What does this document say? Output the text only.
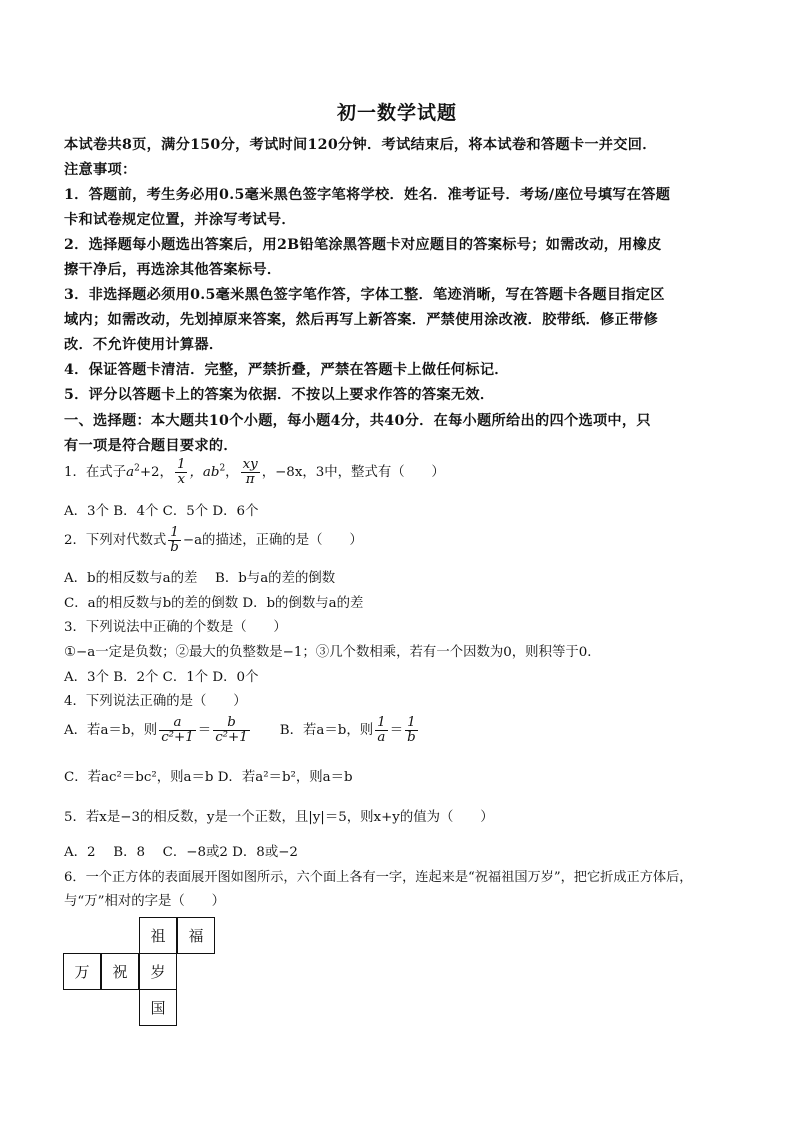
初一数学试题
本试卷共8页，满分150分，考试时间120分钟．考试结束后，将本试卷和答题卡一并交回．
注意事项：
1．答题前，考生务必用0.5毫米黑色签字笔将学校．姓名．准考证号．考场/座位号填写在答题
卡和试卷规定位置，并涂写考试号．
2．选择题每小题选出答案后，用2B铅笔涂黑答题卡对应题目的答案标号；如需改动，用橡皮
擦干净后，再选涂其他答案标号．
3．非选择题必须用0.5毫米黑色签字笔作答，字体工整．笔迹消晰，写在答题卡各题目指定区
域内；如需改动，先划掉原来答案，然后再写上新答案．严禁使用涂改液．胶带纸．修正带修
改．不允许使用计算器．
4．保证答题卡清洁．完整，严禁折叠，严禁在答题卡上做任何标记．
5．评分以答题卡上的答案为依据．不按以上要求作答的答案无效．
一、选择题：本大题共10个小题，每小题4分，共40分．在每小题所给出的四个选项中，只
有一项是符合题目要求的．
1．在式子$a^2+2$， $\frac{1}{x}$ ，$ab^2$， $\frac{xy}{\pi}$ ，−8x，3中，整式有（　　）
A．3个 B．4个 C．5个 D．6个
2．下列对代数式 $\frac{1}{b} -a$的描述，正确的是（　　）
A．b的相反数与a的差　 B．b与a的差的倒数
C．a的相反数与b的差的倒数 D．b的倒数与a的差
3．下列说法中正确的个数是（　　）
①−a一定是负数；②最大的负整数是−1；③几个数相乘，若有一个因数为0，则积等于0．
A．3个 B．2个 C．1个 D．0个
4．下列说法正确的是（　　）
A．若a＝b，则 $\frac{a}{\text{c²+1}} = \frac{b}{\text{c²+1}}$ B．若a＝b，则 $\frac{1}{a} = \frac{1}{b}$
C．若ac²＝bc²，则a＝b D．若a²＝b²，则a＝b
5．若x是−3的相反数，y是一个正数，且|y|＝5，则x+y的值为（　　）
A．2　 B．8　 C．−8或2 D．8或−2
6．一个正方体的表面展开图如图所示，六个面上各有一字，连起来是“祝福祖国万岁”，把它折成正方体后，
与“万”相对的字是（　　）
祖	福
万	祝	岁
国
